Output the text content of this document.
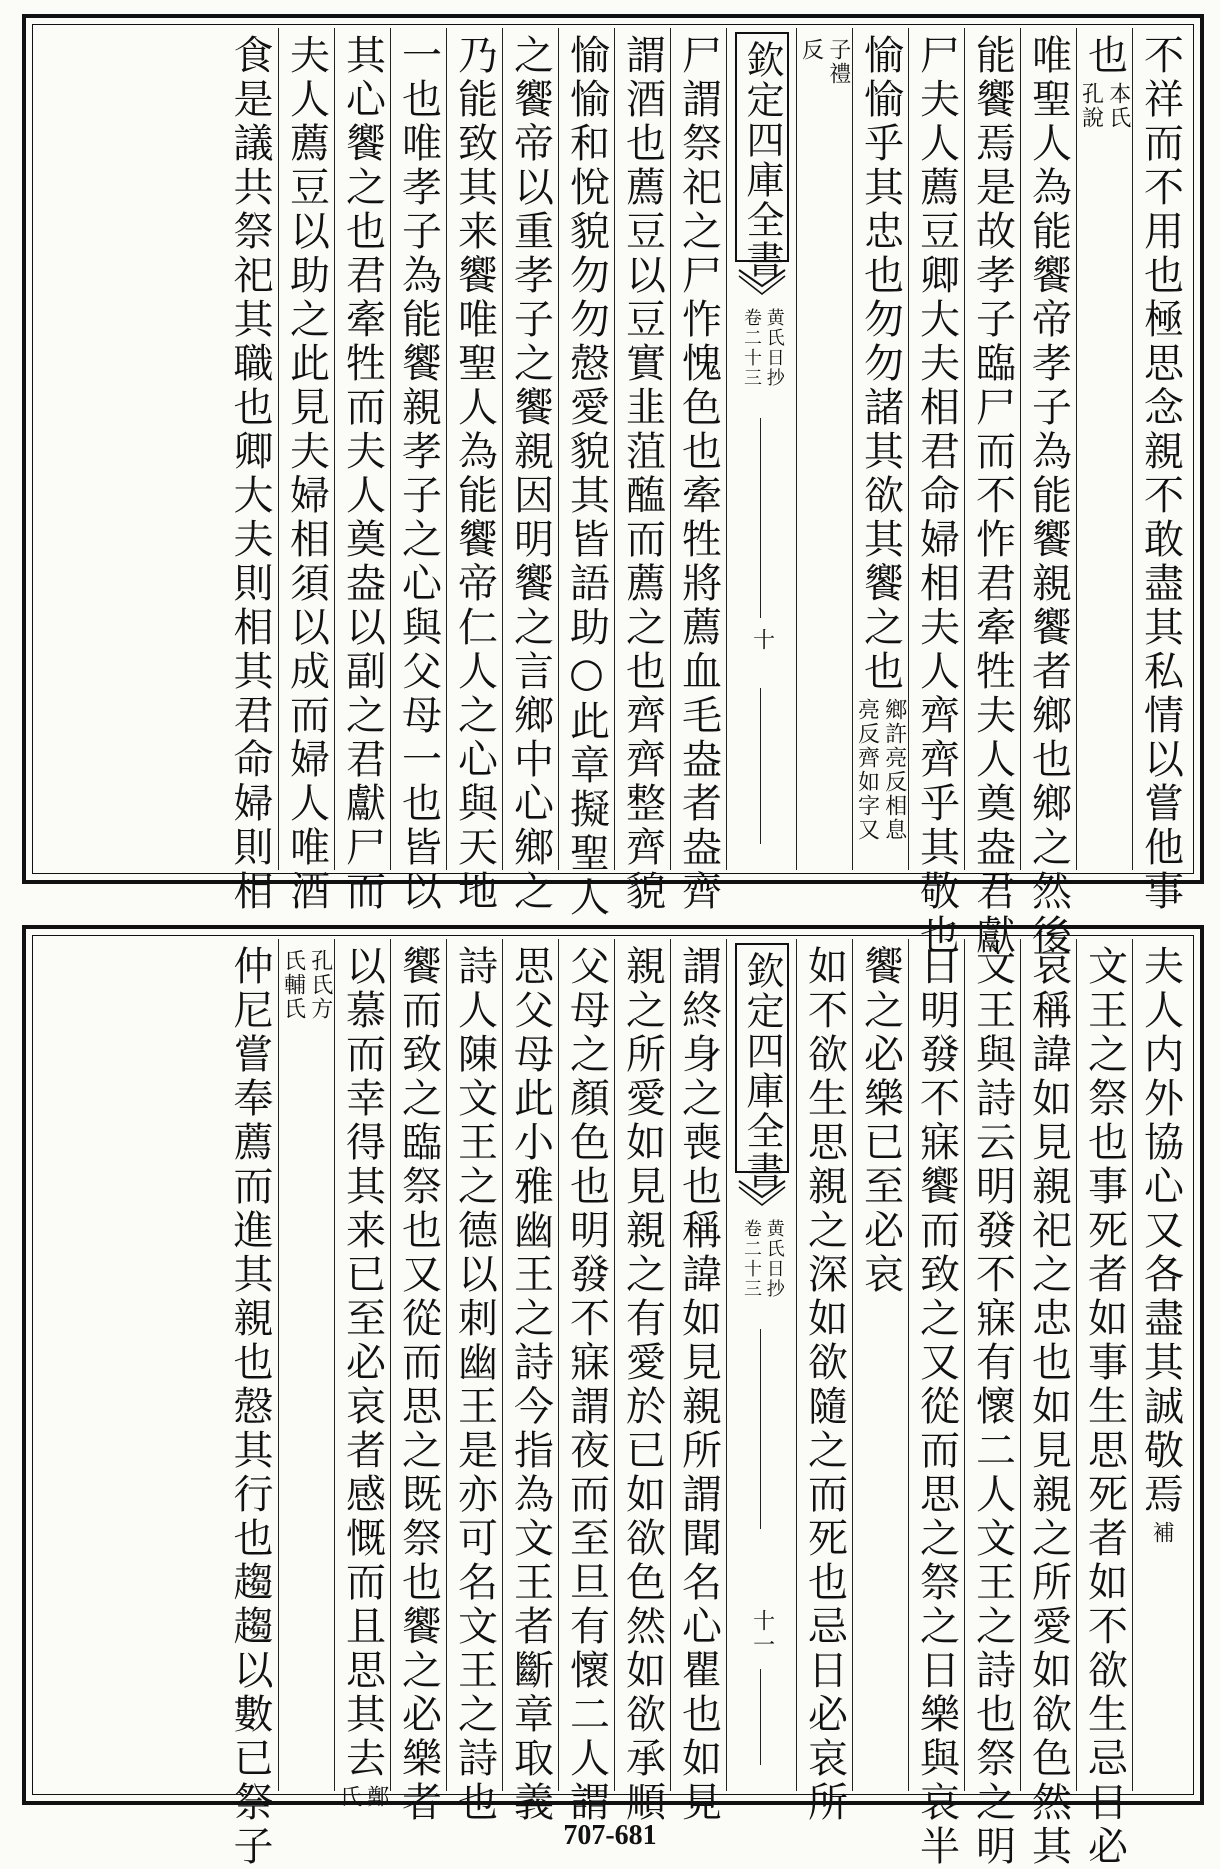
不祥而不用也極思念親不敢盡其私情以嘗他事
也
本氏
孔說
唯聖人為能饗帝孝子為能饗親饗者鄉也鄉之然後
能饗焉是故孝子臨尸而不怍君牽牲夫人奠盎君獻
尸夫人薦豆卿大夫相君命婦相夫人齊齊乎其敬也
愉愉乎其忠也勿勿諸其欲其饗之也
鄉許亮反相息
亮反齊如字又
子禮
反
欽定四庫全書
黄氏日抄
卷二十三
十
尸謂祭祀之尸怍愧色也牽牲將薦血毛盎者盎齊
謂酒也薦豆以豆實韭菹醢而薦之也齊齊整齊貌
愉愉和悅貌勿勿慤愛貌其皆語助○此章擬聖人
之饗帝以重孝子之饗親因明饗之言鄉中心鄉之
乃能致其来饗唯聖人為能饗帝仁人之心與天地
一也唯孝子為能饗親孝子之心與父母一也皆以
其心饗之也君牽牲而夫人奠盎以副之君獻尸而
夫人薦豆以助之此見夫婦相須以成而婦人唯酒
食是議共祭祀其職也卿大夫則相其君命婦則相
夫人内外協心又各盡其誠敬焉
補
文王之祭也事死者如事生思死者如不欲生忌日必
哀稱諱如見親祀之忠也如見親之所愛如欲色然其
文王與詩云明發不寐有懷二人文王之詩也祭之明
日明發不寐饗而致之又從而思之祭之日樂與哀半
饗之必樂已至必哀
如不欲生思親之深如欲隨之而死也忌日必哀所
欽定四庫全書
黄氏日抄
卷二十三
十一
謂終身之喪也稱諱如見親所謂聞名心瞿也如見
親之所愛如見親之有愛於已如欲色然如欲承順
父母之顏色也明發不寐謂夜而至旦有懷二人謂
思父母此小雅幽王之詩今指為文王者斷章取義
詩人陳文王之德以刺幽王是亦可名文王之詩也
饗而致之臨祭也又從而思之既祭也饗之必樂者
以慕而幸得其来已至必哀者感慨而且思其去
鄭
氏
孔氏方
氏輔氏
仲尼嘗奉薦而進其親也慤其行也趨趨以數已祭子	707-681
